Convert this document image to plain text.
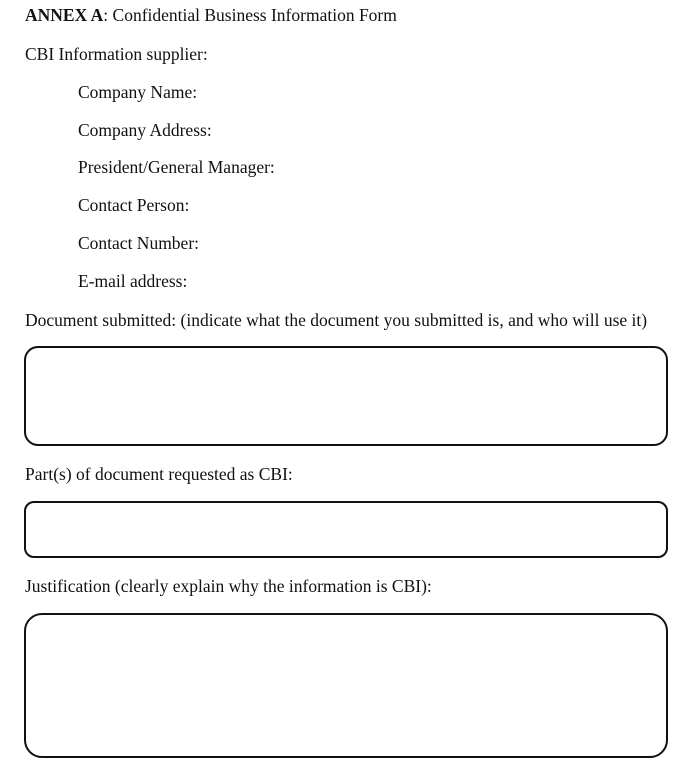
ANNEX A: Confidential Business Information Form
CBI Information supplier:
Company Name:
Company Address:
President/General Manager:
Contact Person:
Contact Number:
E-mail address:
Document submitted: (indicate what the document you submitted is, and who will use it)
Part(s) of document requested as CBI:
Justification (clearly explain why the information is CBI):
